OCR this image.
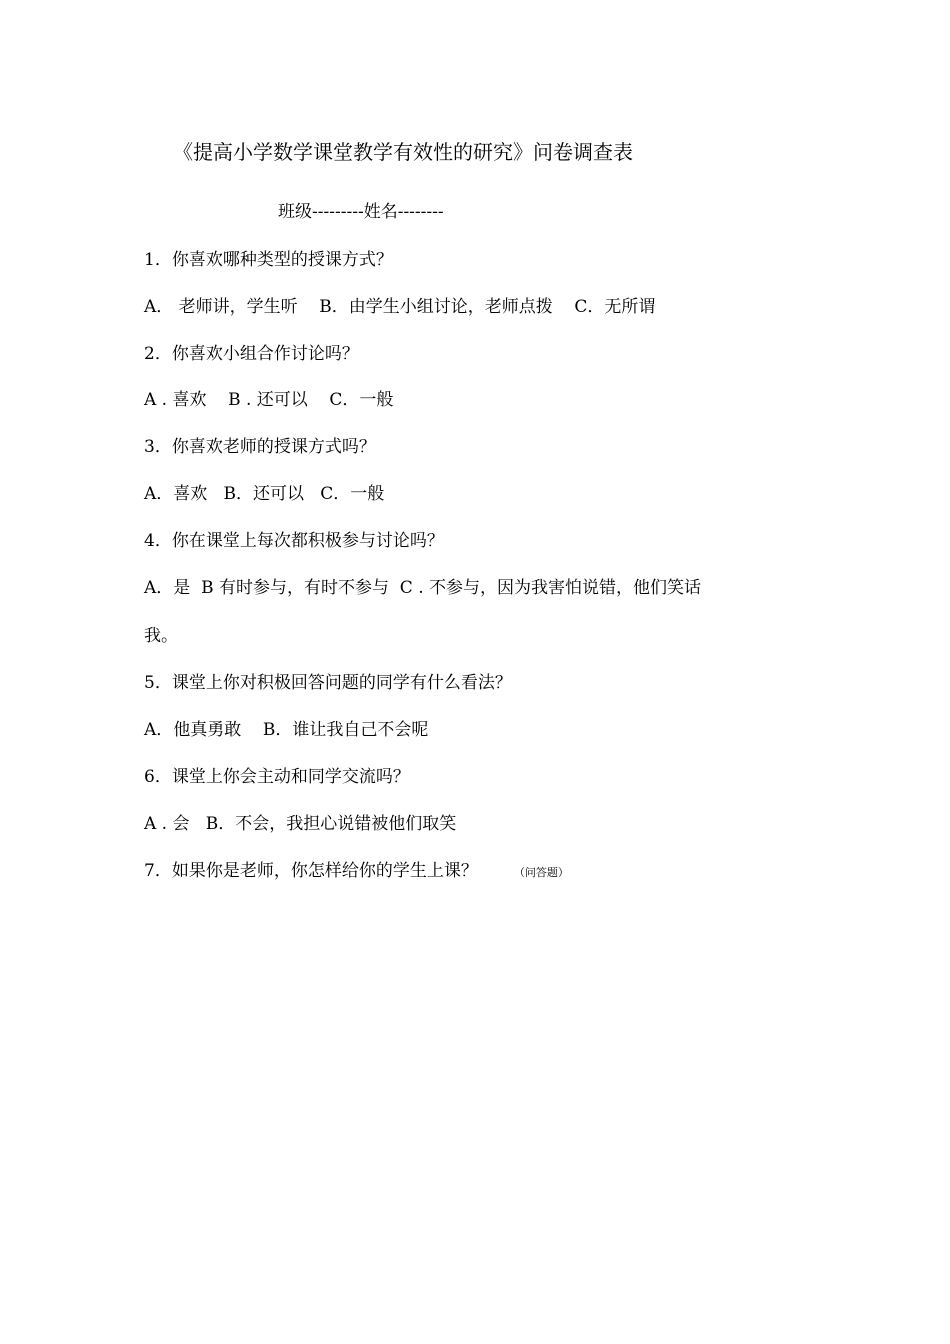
《提高小学数学课堂教学有效性的研究》问卷调查表
班级---------姓名--------
1．你喜欢哪种类型的授课方式？
A． 老师讲，学生听    B．由学生小组讨论，老师点拨    C．无所谓
2．你喜欢小组合作讨论吗？
A . 喜欢    B . 还可以    C．一般
3．你喜欢老师的授课方式吗？
A．喜欢   B．还可以   C．一般
4．你在课堂上每次都积极参与讨论吗？
A．是  B 有时参与，有时不参与  C . 不参与，因为我害怕说错，他们笑话
我。
5．课堂上你对积极回答问题的同学有什么看法？
A．他真勇敢    B．谁让我自己不会呢
6．课堂上你会主动和同学交流吗？
A . 会   B．不会，我担心说错被他们取笑
7．如果你是老师，你怎样给你的学生上课？	（问答题）
